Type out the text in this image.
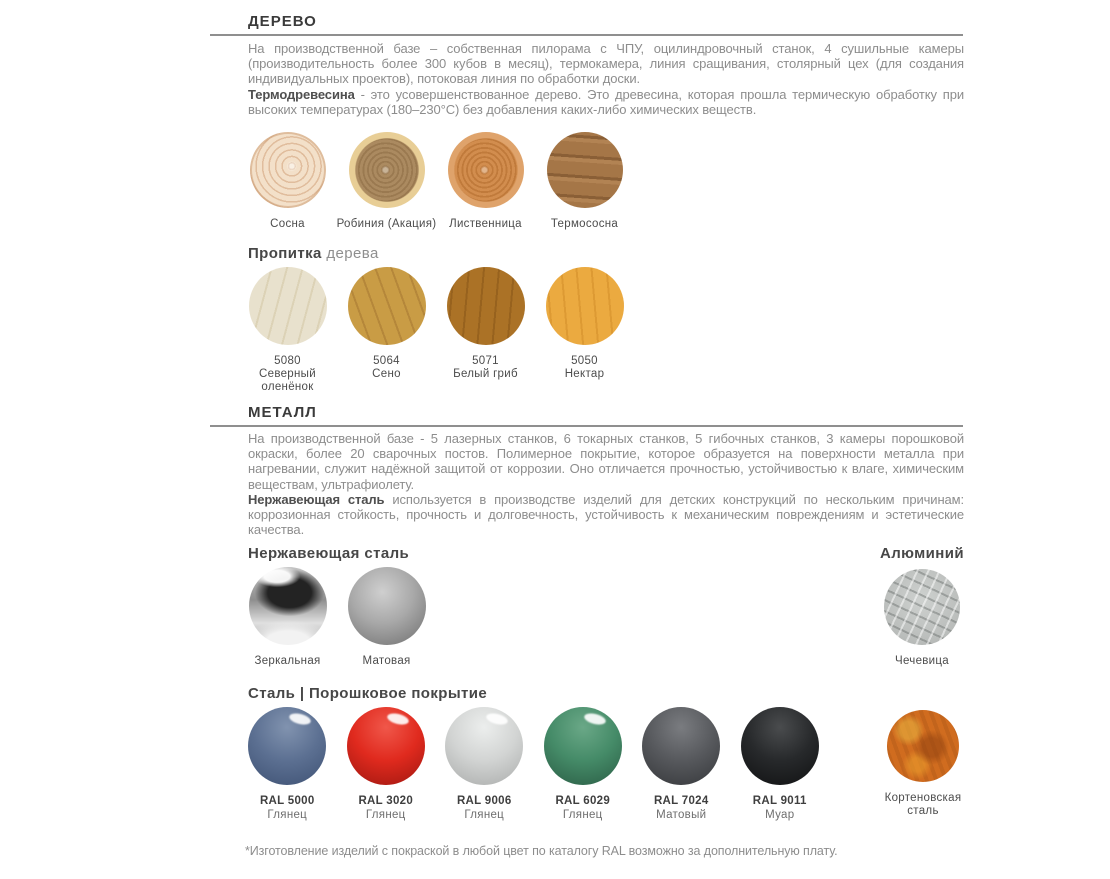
ДЕРЕВО

На производственной базе – собственная пилорама с ЧПУ, оцилиндровочный станок, 4 сушильные камеры (производительность более 300 кубов в месяц), термокамера, линия сращивания, столярный цех (для создания индивидуальных проектов), потоковая линия по обработки доски.

Термодревесина - это усовершенствованное дерево. Это древесина, которая прошла термическую обработку при высоких температурах (180–230°С) без добавления каких-либо химических веществ.

Сосна	Робиния (Акация) Лиственница	Термососна
Пропитка дерева
5080
Северный оленёнок
5064
Сено
5071
Белый гриб
5050
Нектар
МЕТАЛЛ

На производственной базе - 5 лазерных станков, 6 токарных станков, 5 гибочных станков, 3 камеры порошковой окраски, более 20 сварочных постов. Полимерное покрытие, которое образуется на поверхности металла при нагревании, служит надёжной защитой от коррозии. Оно отличается прочностью, устойчивостью к влаге, химическим веществам, ультрафиолету.

Нержавеющая сталь используется в производстве изделий для детских конструкций по нескольким причинам: коррозионная стойкость, прочность и долговечность, устойчивость к механическим повреждениям и эстетические качества.

Нержавеющая сталь
Зеркальная	Матовая
Алюминий
Чечевица
Сталь | Порошковое покрытие
RAL 5000
Глянец
RAL 3020
Глянец
RAL 9006
Глянец
RAL 6029
Глянец
RAL 7024
Матовый
RAL 9011
Муар
Кортеновская сталь

*Изготовление изделий с покраской в любой цвет по каталогу RAL возможно за дополнительную плату.
